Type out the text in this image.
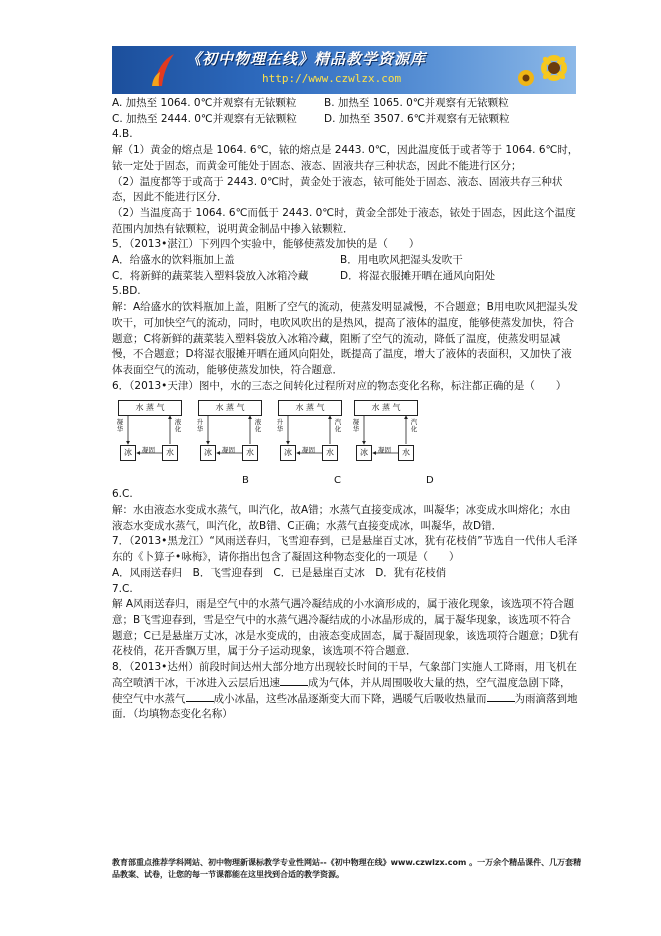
《初中物理在线》精品教学资源库
http://www.czwlzx.com
A. 加热至 1064. 0℃并观察有无铱颗粒	B. 加热至 1065. 0℃并观察有无铱颗粒
C. 加热至 2444. 0℃并观察有无铱颗粒	D. 加热至 3507. 6℃并观察有无铱颗粒

4.B.

解（1）黄金的熔点是 1064. 6℃，铱的熔点是 2443. 0℃，因此温度低于或者等于 1064. 6℃时，铱一定处于固态，而黄金可能处于固态、液态、固液共存三种状态，因此不能进行区分；

（2）温度都等于或高于 2443. 0℃时，黄金处于液态，铱可能处于固态、液态、固液共存三种状态，因此不能进行区分．

（2）当温度高于 1064. 6℃而低于 2443. 0℃时，黄金全部处于液态，铱处于固态，因此这个温度范围内加热有铱颗粒，说明黄金制品中掺入铱颗粒．

5．（2013•湛江）下列四个实验中，能够使蒸发加快的是（　　）

A．给盛水的饮料瓶加上盖	B．用电吹风把湿头发吹干
C．将新鲜的蔬菜装入塑料袋放入冰箱冷藏	D．将湿衣服摊开晒在通风向阳处

5.BD.

解：A给盛水的饮料瓶加上盖，阻断了空气的流动，使蒸发明显减慢，不合题意；B用电吹风把湿头发吹干，可加快空气的流动，同时，电吹风吹出的是热风，提高了液体的温度，能够使蒸发加快，符合题意；C将新鲜的蔬菜装入塑料袋放入冰箱冷藏，阻断了空气的流动，降低了温度，使蒸发明显减慢，不合题意；D将湿衣服摊开晒在通风向阳处，既提高了温度，增大了液体的表面积，又加快了液体表面空气的流动，能够使蒸发加快，符合题意．

6．（2013•天津）图中，水的三态之间转化过程所对应的物态变化名称，标注都正确的是（　　）

水 蒸 气
凝华
液化
凝固
冰	水
水 蒸 气
升华
液化
凝固
冰	水
水 蒸 气
升华
汽化
凝固
冰	水
水 蒸 气
凝华
汽化
凝固
冰	水
B	C	D

6.C.

解：水由液态水变成水蒸气，叫汽化，故A错；水蒸气直接变成冰，叫凝华；冰变成水叫熔化；水由液态水变成水蒸气，叫汽化，故B错、C正确；水蒸气直接变成冰，叫凝华，故D错．

7．（2013•黑龙江）“风雨送春归，飞雪迎春到，已是悬崖百丈冰，犹有花枝俏”节选自一代伟人毛泽东的《卜算子•咏梅》，请你指出包含了凝固这种物态变化的一项是（　　）

A．风雨送春归　B．飞雪迎春到　C．已是悬崖百丈冰　D．犹有花枝俏

7.C.

解 A风雨送春归，雨是空气中的水蒸气遇冷凝结成的小水滴形成的，属于液化现象，该选项不符合题意；B飞雪迎春到，雪是空气中的水蒸气遇冷凝结成的小冰晶形成的，属于凝华现象，该选项不符合题意；C已是悬崖万丈冰，冰是水变成的，由液态变成固态，属于凝固现象，该选项符合题意；D犹有花枝俏，花开香飘万里，属于分子运动现象，该选项不符合题意．

8．（2013•达州）前段时间达州大部分地方出现较长时间的干旱，气象部门实施人工降雨，用飞机在高空喷洒干冰，干冰进入云层后迅速	成为气体，并从周围吸收大量的热，空气温度急剧下降，使空气中水蒸气	成小冰晶，这些冰晶逐渐变大而下降，遇暖气后吸收热量而	为雨滴落到地面．（均填物态变化名称）

教育部重点推荐学科网站、初中物理新课标教学专业性网站--《初中物理在线》www.czwlzx.com 。一万余个精品课件、几万套精品教案、试卷，让您的每一节课都能在这里找到合适的教学资源。
